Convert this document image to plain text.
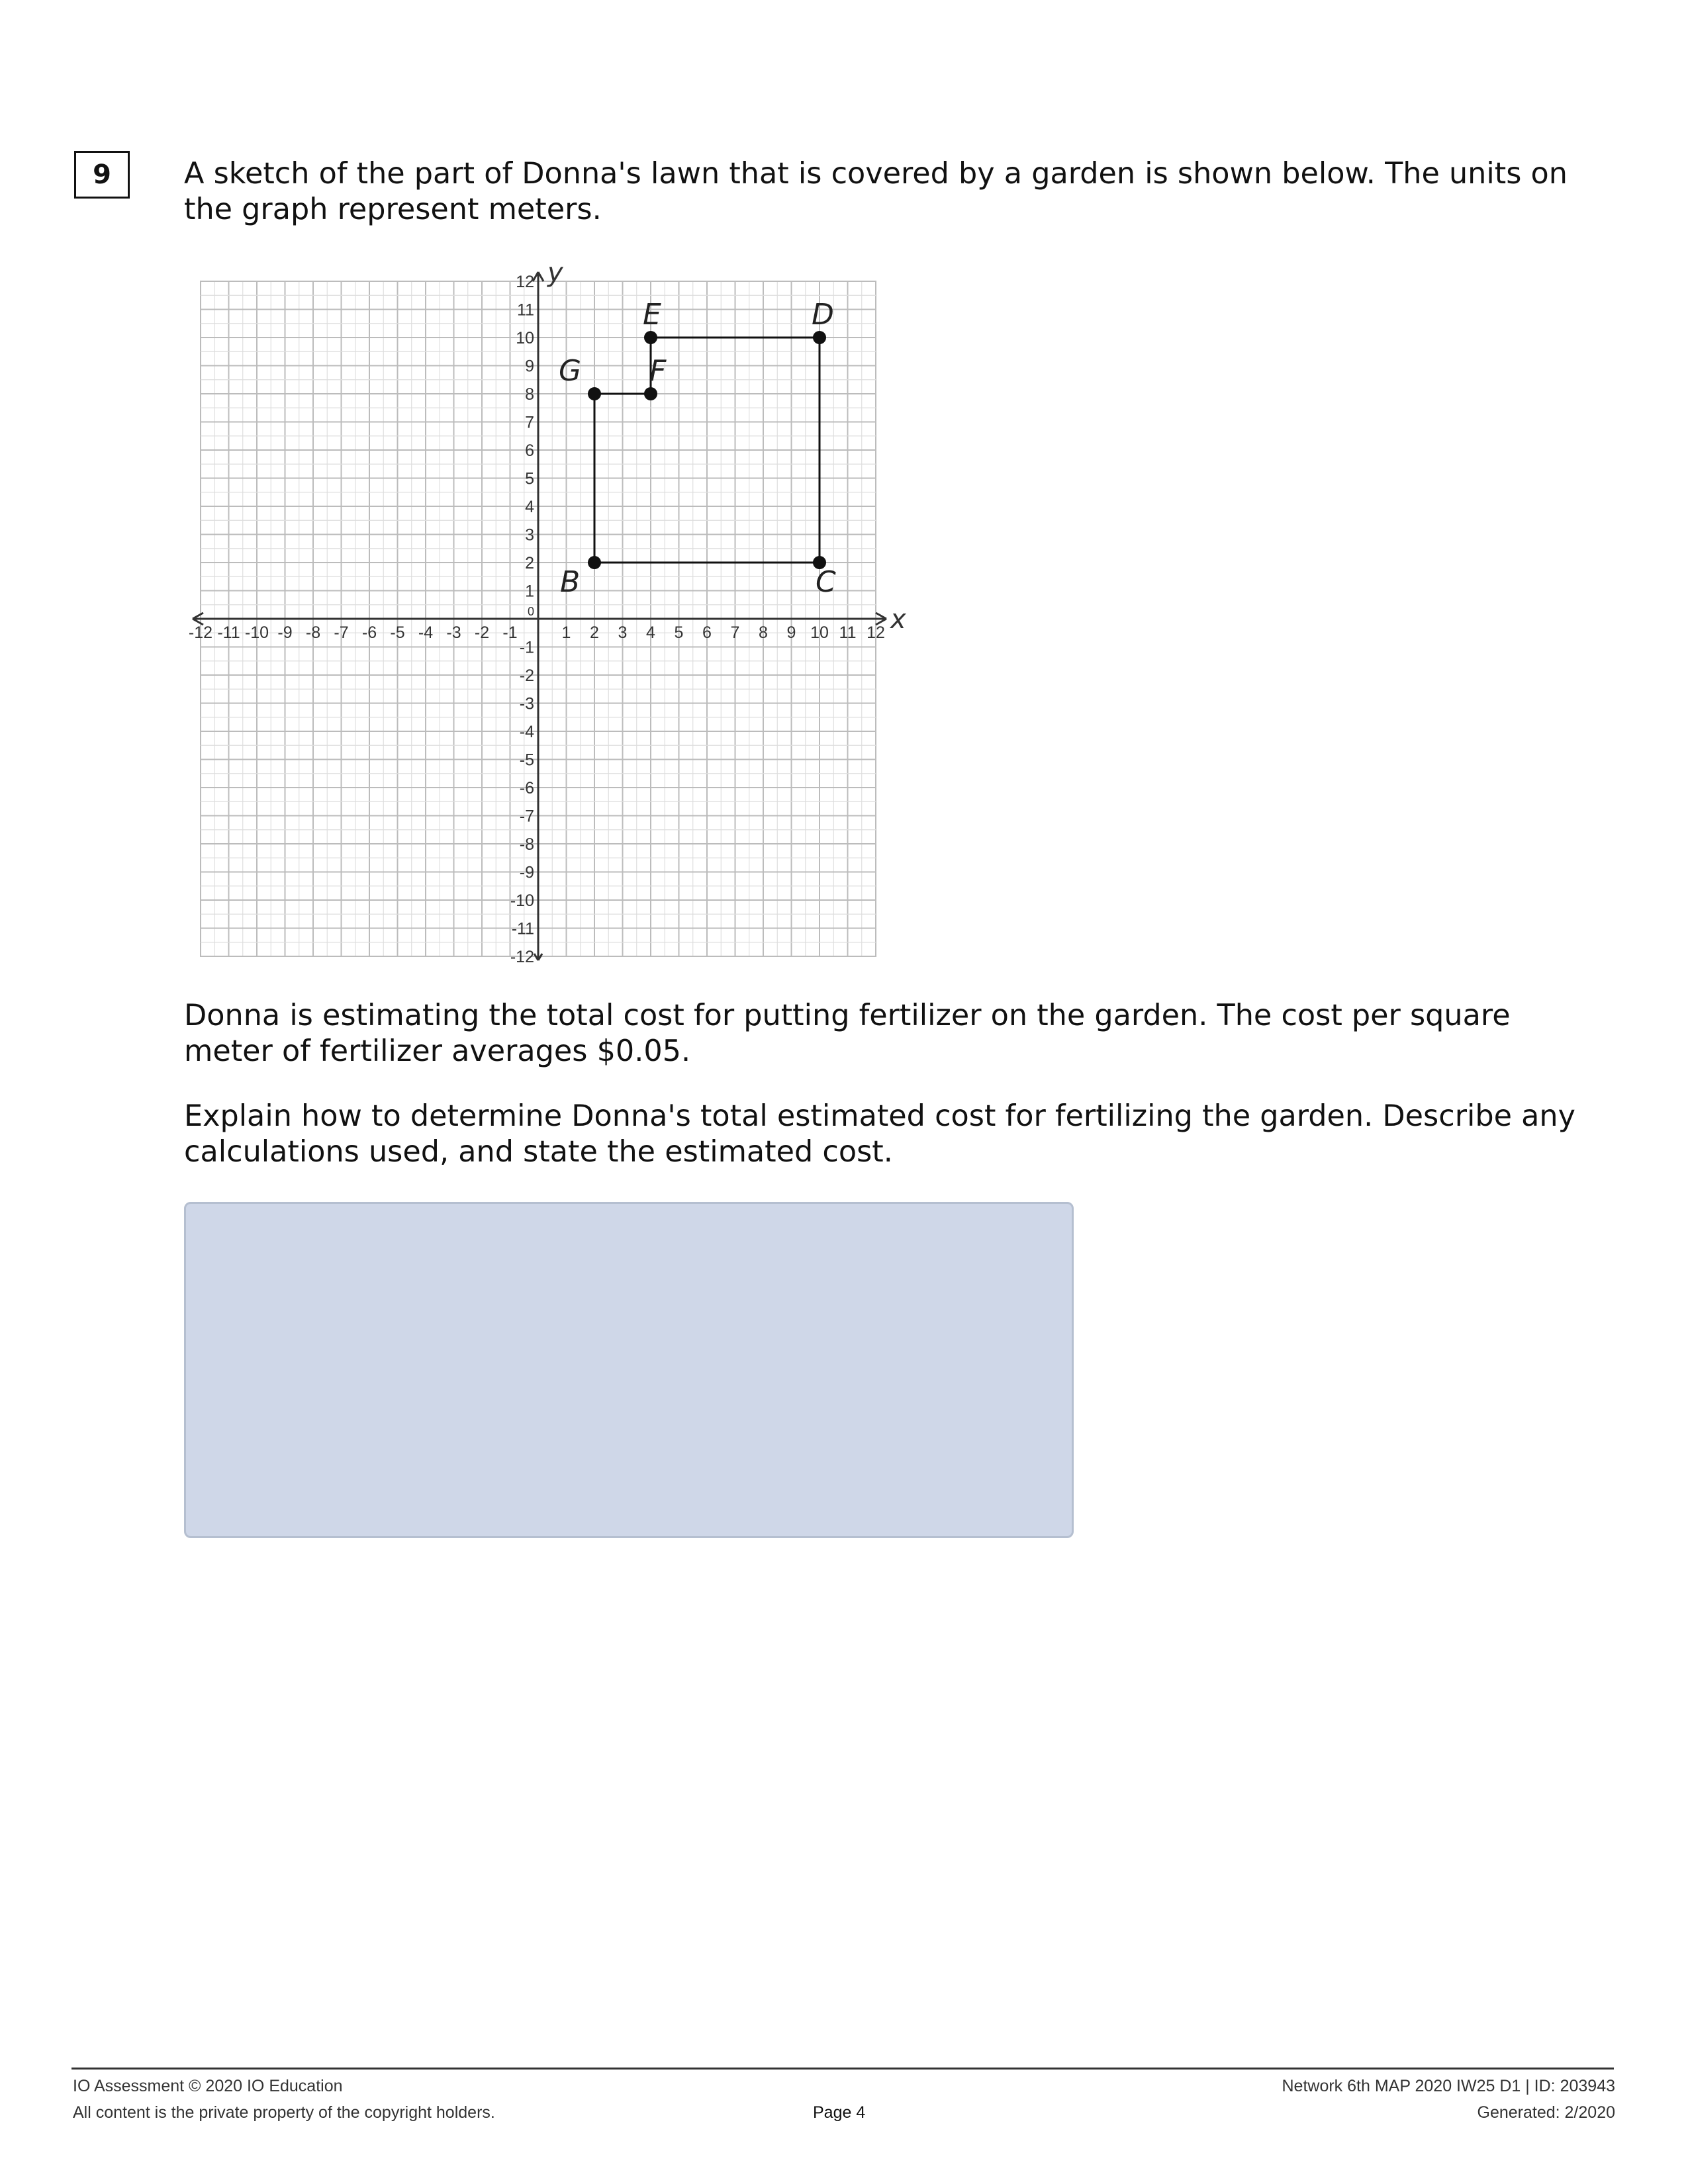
9	A sketch of the part of Donna's lawn that is covered by a garden is shown below. The units on the graph represent meters.

x
y
-12 -11 -10 -9 -8 -7 -6 -5 -4 -3 -2 -1	1 2 3 4 5 6 7 8 9 10 11 12
12
11
10
9
8
7
6
5
4
3
2
1
-1
-2
-3
-4
-5
-6
-7
-8
-9
-10
-11
-12
0
B	C
D
E
F
G

Donna is estimating the total cost for putting fertilizer on the garden. The cost per square meter of fertilizer averages $0.05.

Explain how to determine Donna's total estimated cost for fertilizing the garden. Describe any calculations used, and state the estimated cost.

IO Assessment © 2020 IO Education
All content is the private property of the copyright holders.	Page 4
Network 6th MAP 2020 IW25 D1 | ID: 203943
Generated: 2/2020
